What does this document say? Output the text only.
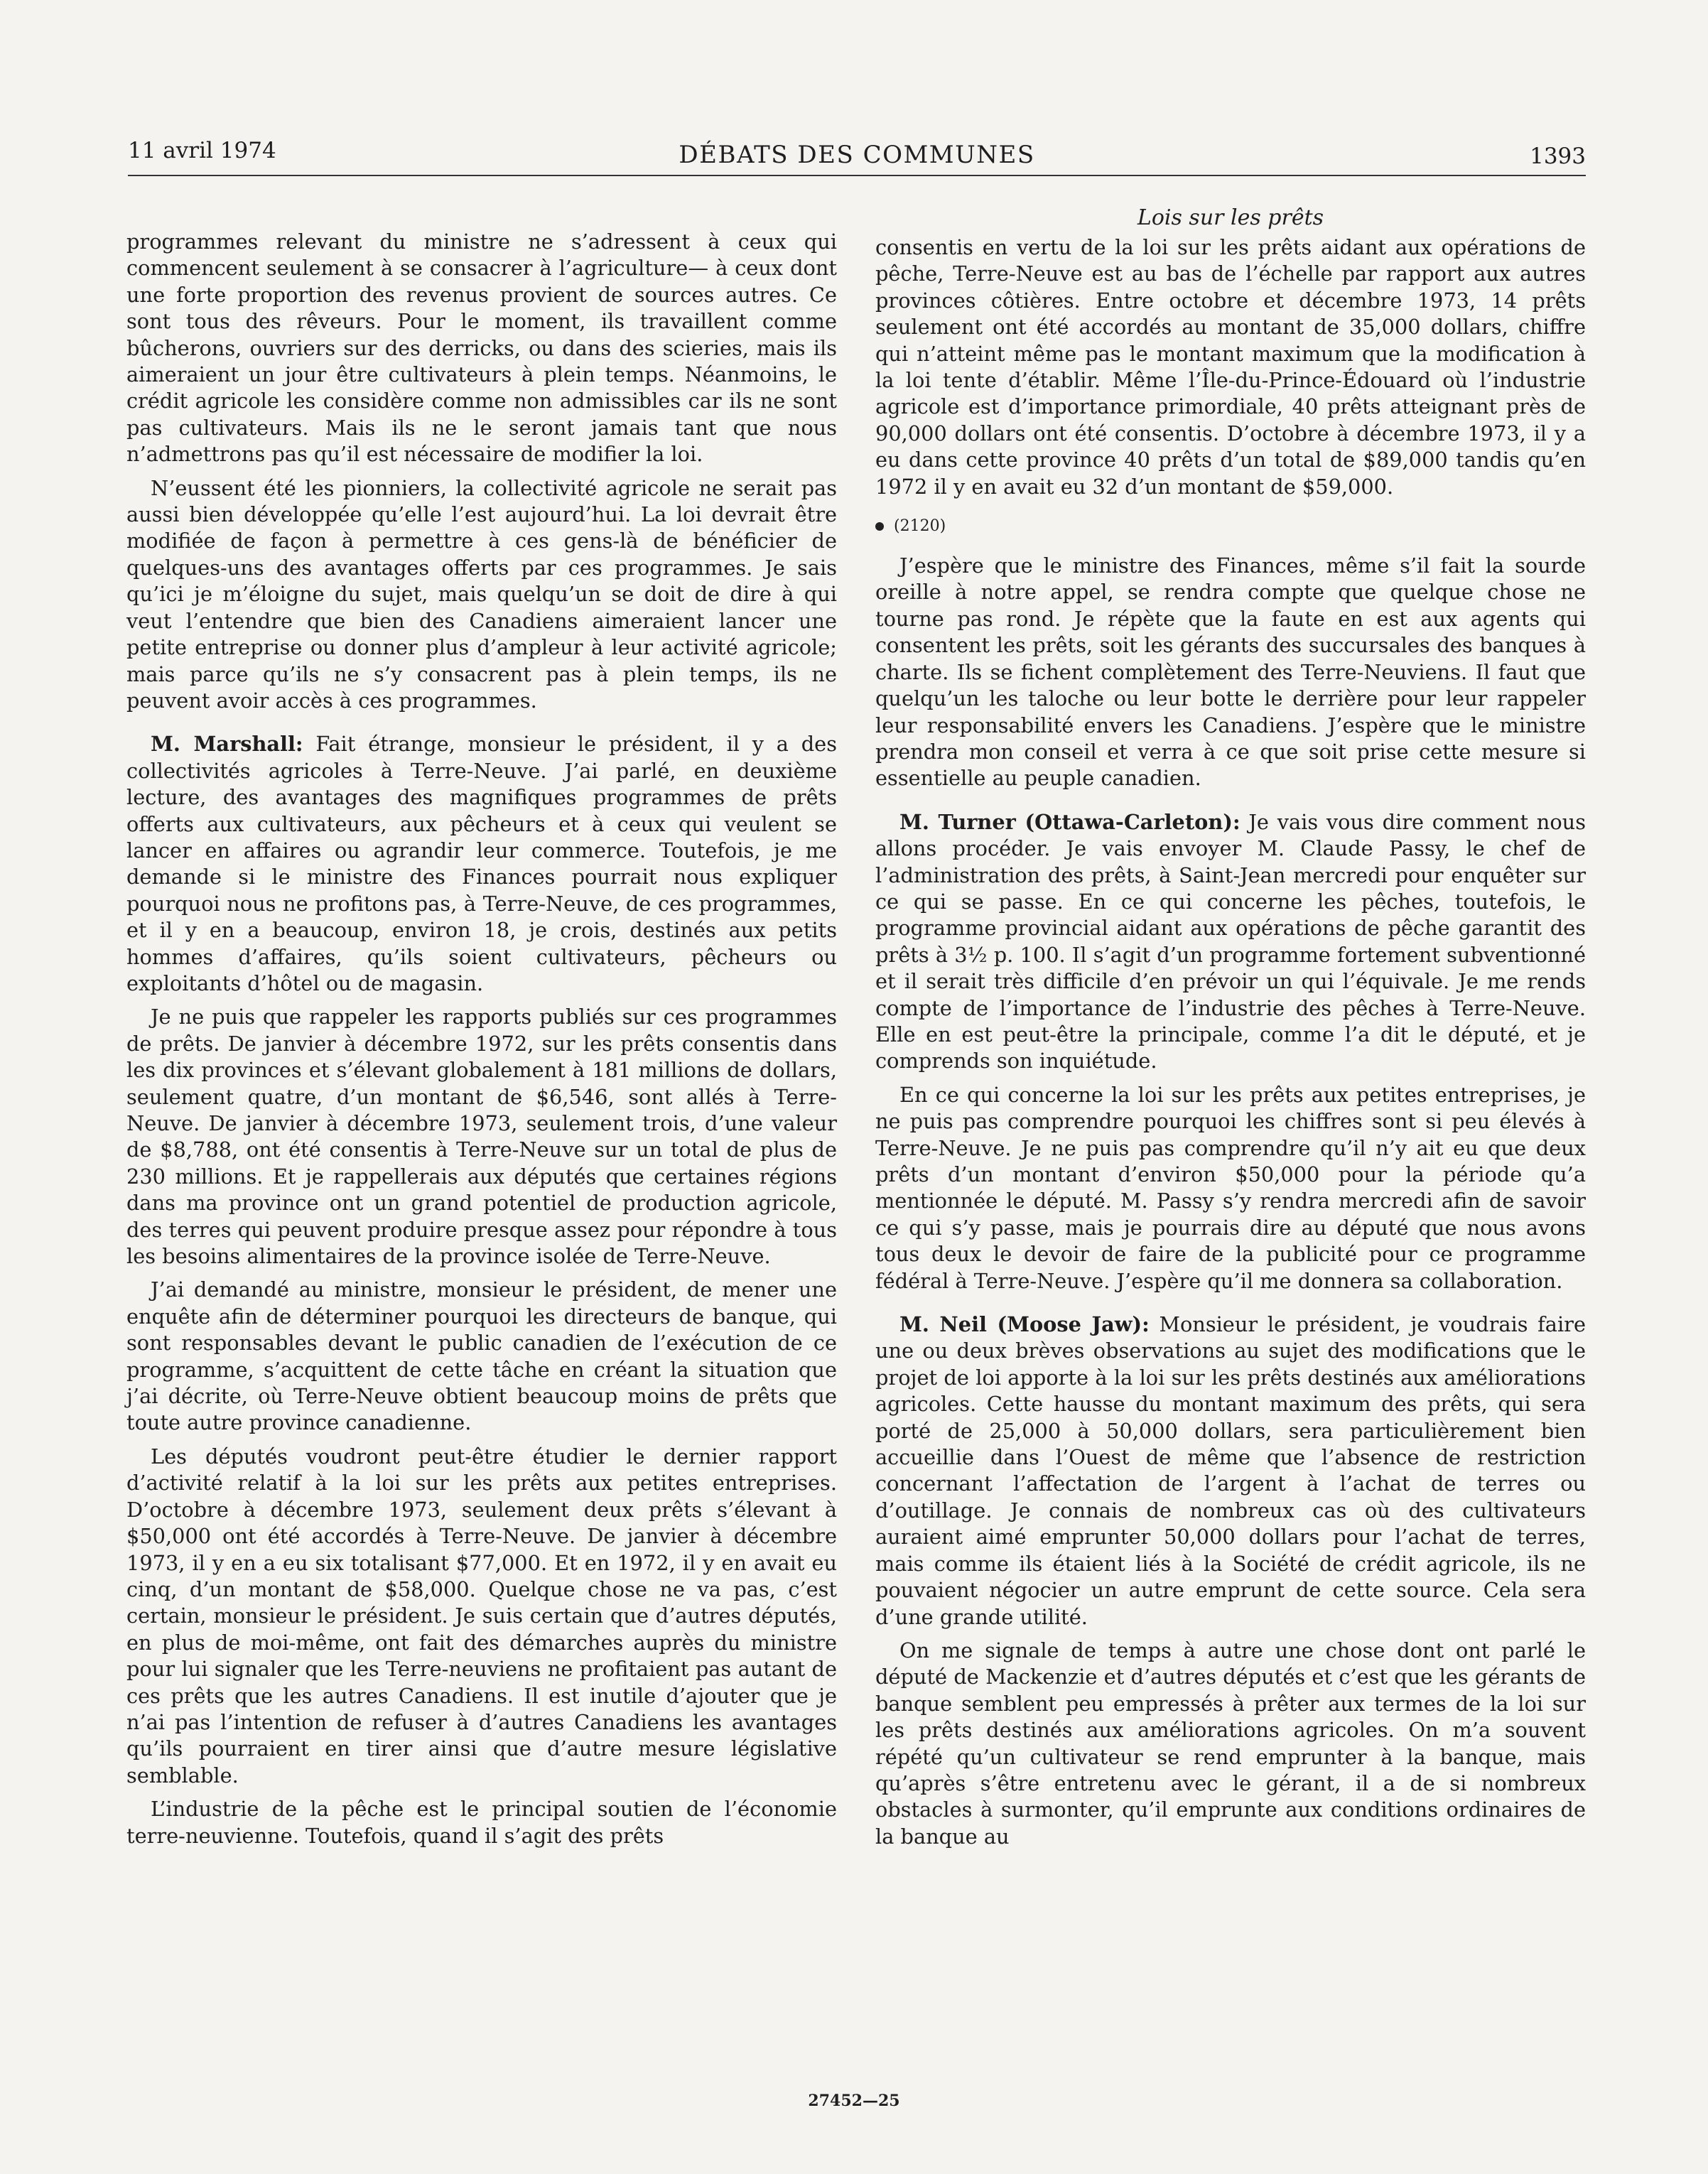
11 avril 1974	DÉBATS DES COMMUNES	1393

programmes relevant du ministre ne s’adressent à ceux qui commencent seulement à se consacrer à l’agriculture— à ceux dont une forte proportion des revenus provient de sources autres. Ce sont tous des rêveurs. Pour le moment, ils travaillent comme bûcherons, ouvriers sur des derricks, ou dans des scieries, mais ils aimeraient un jour être cultivateurs à plein temps. Néanmoins, le crédit agricole les considère comme non admissibles car ils ne sont pas cultivateurs. Mais ils ne le seront jamais tant que nous n’admettrons pas qu’il est nécessaire de modifier la loi.

N’eussent été les pionniers, la collectivité agricole ne serait pas aussi bien développée qu’elle l’est aujourd’hui. La loi devrait être modifiée de façon à permettre à ces gens-là de bénéficier de quelques-uns des avantages offerts par ces programmes. Je sais qu’ici je m’éloigne du sujet, mais quelqu’un se doit de dire à qui veut l’entendre que bien des Canadiens aimeraient lancer une petite entreprise ou donner plus d’ampleur à leur activité agricole; mais parce qu’ils ne s’y consacrent pas à plein temps, ils ne peuvent avoir accès à ces programmes.

M. Marshall: Fait étrange, monsieur le président, il y a des collectivités agricoles à Terre-Neuve. J’ai parlé, en deuxième lecture, des avantages des magnifiques programmes de prêts offerts aux cultivateurs, aux pêcheurs et à ceux qui veulent se lancer en affaires ou agrandir leur commerce. Toutefois, je me demande si le ministre des Finances pourrait nous expliquer pourquoi nous ne profitons pas, à Terre-Neuve, de ces programmes, et il y en a beaucoup, environ 18, je crois, destinés aux petits hommes d’affaires, qu’ils soient cultivateurs, pêcheurs ou exploitants d’hôtel ou de magasin.

Je ne puis que rappeler les rapports publiés sur ces programmes de prêts. De janvier à décembre 1972, sur les prêts consentis dans les dix provinces et s’élevant globalement à 181 millions de dollars, seulement quatre, d’un montant de $6,546, sont allés à Terre-Neuve. De janvier à décembre 1973, seulement trois, d’une valeur de $8,788, ont été consentis à Terre-Neuve sur un total de plus de 230 millions. Et je rappellerais aux députés que certaines régions dans ma province ont un grand potentiel de production agricole, des terres qui peuvent produire presque assez pour répondre à tous les besoins alimentaires de la province isolée de Terre-Neuve.

J’ai demandé au ministre, monsieur le président, de mener une enquête afin de déterminer pourquoi les directeurs de banque, qui sont responsables devant le public canadien de l’exécution de ce programme, s’acquittent de cette tâche en créant la situation que j’ai décrite, où Terre-Neuve obtient beaucoup moins de prêts que toute autre province canadienne.

Les députés voudront peut-être étudier le dernier rapport d’activité relatif à la loi sur les prêts aux petites entreprises. D’octobre à décembre 1973, seulement deux prêts s’élevant à $50,000 ont été accordés à Terre-Neuve. De janvier à décembre 1973, il y en a eu six totalisant $77,000. Et en 1972, il y en avait eu cinq, d’un montant de $58,000. Quelque chose ne va pas, c’est certain, monsieur le président. Je suis certain que d’autres députés, en plus de moi-même, ont fait des démarches auprès du ministre pour lui signaler que les Terre-neuviens ne profitaient pas autant de ces prêts que les autres Canadiens. Il est inutile d’ajouter que je n’ai pas l’intention de refuser à d’autres Canadiens les avantages qu’ils pourraient en tirer ainsi que d’autre mesure législative semblable.

L’industrie de la pêche est le principal soutien de l’économie terre-neuvienne. Toutefois, quand il s’agit des prêts

Lois sur les prêts

consentis en vertu de la loi sur les prêts aidant aux opérations de pêche, Terre-Neuve est au bas de l’échelle par rapport aux autres provinces côtières. Entre octobre et décembre 1973, 14 prêts seulement ont été accordés au montant de 35,000 dollars, chiffre qui n’atteint même pas le montant maximum que la modification à la loi tente d’établir. Même l’Île-du-Prince-Édouard où l’industrie agricole est d’importance primordiale, 40 prêts atteignant près de 90,000 dollars ont été consentis. D’octobre à décembre 1973, il y a eu dans cette province 40 prêts d’un total de $89,000 tandis qu’en 1972 il y en avait eu 32 d’un montant de $59,000.

(2120)

J’espère que le ministre des Finances, même s’il fait la sourde oreille à notre appel, se rendra compte que quelque chose ne tourne pas rond. Je répète que la faute en est aux agents qui consentent les prêts, soit les gérants des succursales des banques à charte. Ils se fichent complètement des Terre-Neuviens. Il faut que quelqu’un les taloche ou leur botte le derrière pour leur rappeler leur responsabilité envers les Canadiens. J’espère que le ministre prendra mon conseil et verra à ce que soit prise cette mesure si essentielle au peuple canadien.

M. Turner (Ottawa-Carleton): Je vais vous dire comment nous allons procéder. Je vais envoyer M. Claude Passy, le chef de l’administration des prêts, à Saint-Jean mercredi pour enquêter sur ce qui se passe. En ce qui concerne les pêches, toutefois, le programme provincial aidant aux opérations de pêche garantit des prêts à 3½ p. 100. Il s’agit d’un programme fortement subventionné et il serait très difficile d’en prévoir un qui l’équivale. Je me rends compte de l’importance de l’industrie des pêches à Terre-Neuve. Elle en est peut-être la principale, comme l’a dit le député, et je comprends son inquiétude.

En ce qui concerne la loi sur les prêts aux petites entreprises, je ne puis pas comprendre pourquoi les chiffres sont si peu élevés à Terre-Neuve. Je ne puis pas comprendre qu’il n’y ait eu que deux prêts d’un montant d’environ $50,000 pour la période qu’a mentionnée le député. M. Passy s’y rendra mercredi afin de savoir ce qui s’y passe, mais je pourrais dire au député que nous avons tous deux le devoir de faire de la publicité pour ce programme fédéral à Terre-Neuve. J’espère qu’il me donnera sa collaboration.

M. Neil (Moose Jaw): Monsieur le président, je voudrais faire une ou deux brèves observations au sujet des modifications que le projet de loi apporte à la loi sur les prêts destinés aux améliorations agricoles. Cette hausse du montant maximum des prêts, qui sera porté de 25,000 à 50,000 dollars, sera particulièrement bien accueillie dans l’Ouest de même que l’absence de restriction concernant l’affectation de l’argent à l’achat de terres ou d’outillage. Je connais de nombreux cas où des cultivateurs auraient aimé emprunter 50,000 dollars pour l’achat de terres, mais comme ils étaient liés à la Société de crédit agricole, ils ne pouvaient négocier un autre emprunt de cette source. Cela sera d’une grande utilité.

On me signale de temps à autre une chose dont ont parlé le député de Mackenzie et d’autres députés et c’est que les gérants de banque semblent peu empressés à prêter aux termes de la loi sur les prêts destinés aux améliorations agricoles. On m’a souvent répété qu’un cultivateur se rend emprunter à la banque, mais qu’après s’être entretenu avec le gérant, il a de si nombreux obstacles à surmonter, qu’il emprunte aux conditions ordinaires de la banque au

27452—25
